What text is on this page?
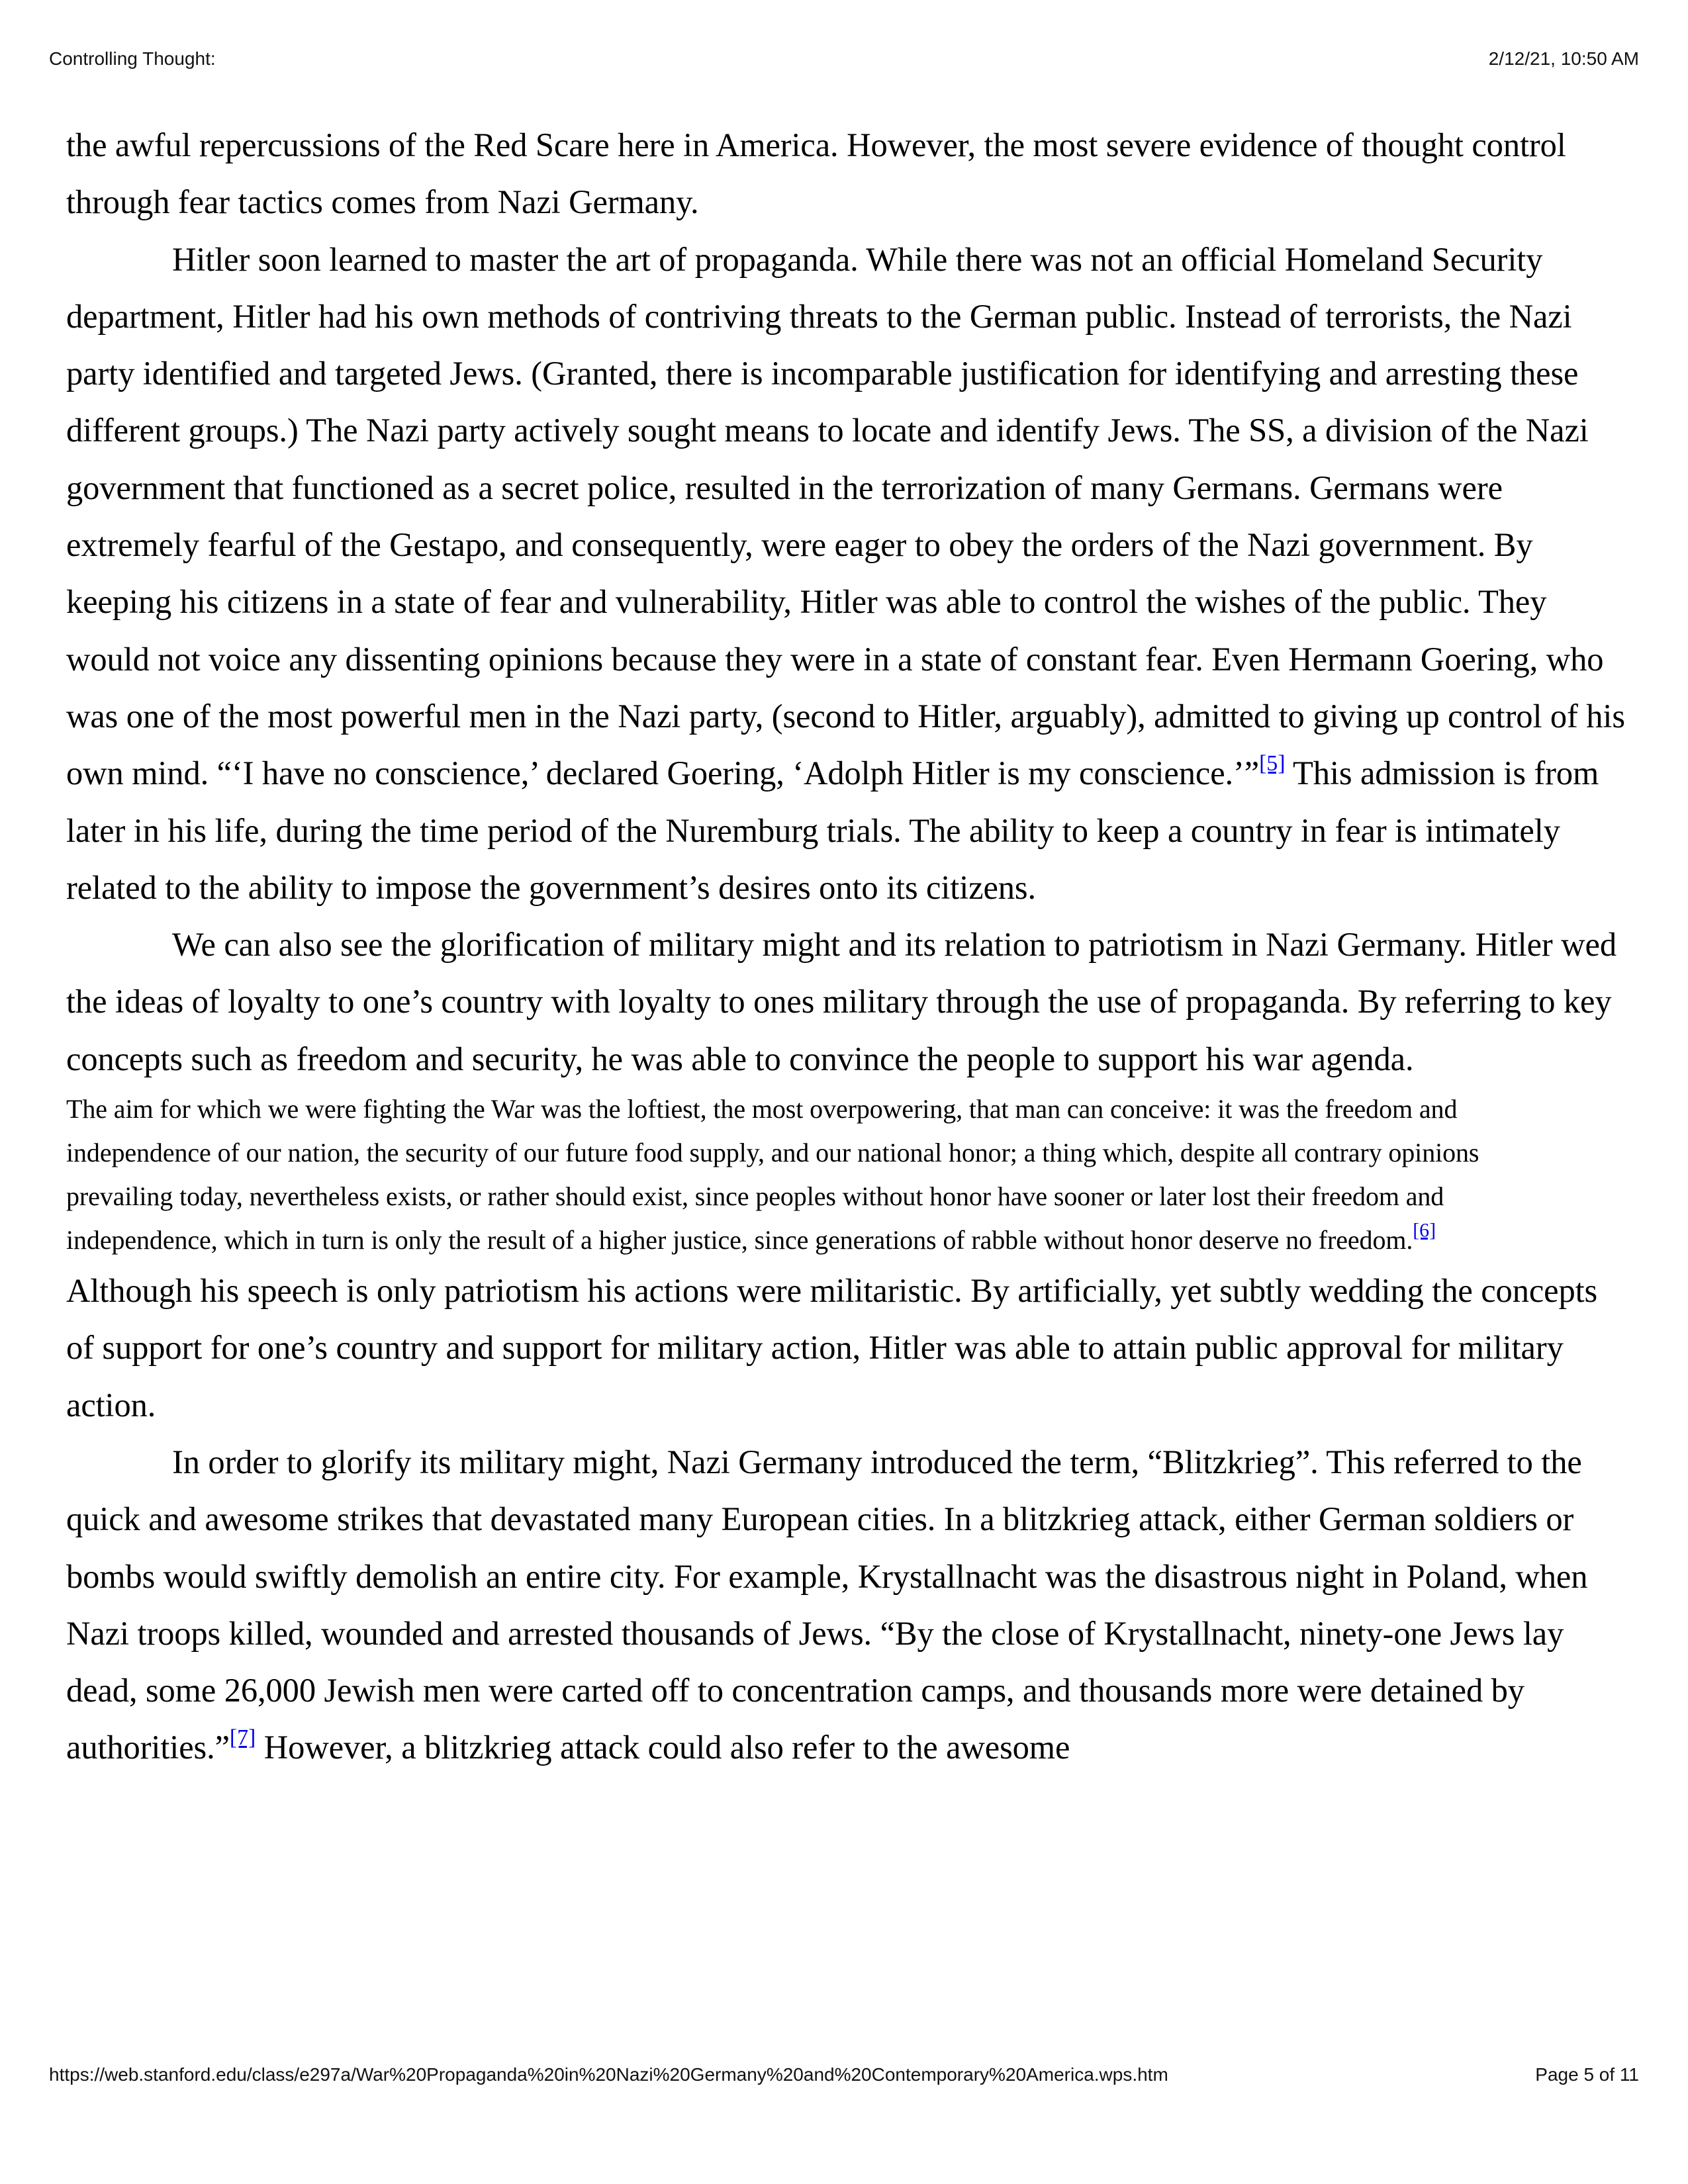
Controlling Thought:	2/12/21, 10:50 AM

the awful repercussions of the Red Scare here in America. However, the most severe evidence of thought control through fear tactics comes from Nazi Germany.

Hitler soon learned to master the art of propaganda. While there was not an official Homeland Security department, Hitler had his own methods of contriving threats to the German public. Instead of terrorists, the Nazi party identified and targeted Jews. (Granted, there is incomparable justification for identifying and arresting these different groups.) The Nazi party actively sought means to locate and identify Jews. The SS, a division of the Nazi government that functioned as a secret police, resulted in the terrorization of many Germans. Germans were extremely fearful of the Gestapo, and consequently, were eager to obey the orders of the Nazi government. By keeping his citizens in a state of fear and vulnerability, Hitler was able to control the wishes of the public. They would not voice any dissenting opinions because they were in a state of constant fear. Even Hermann Goering, who was one of the most powerful men in the Nazi party, (second to Hitler, arguably), admitted to giving up control of his own mind. “‘I have no conscience,’ declared Goering, ‘Adolph Hitler is my conscience.’”[5] This admission is from later in his life, during the time period of the Nuremburg trials. The ability to keep a country in fear is intimately related to the ability to impose the government’s desires onto its citizens.

We can also see the glorification of military might and its relation to patriotism in Nazi Germany. Hitler wed the ideas of loyalty to one’s country with loyalty to ones military through the use of propaganda. By referring to key concepts such as freedom and security, he was able to convince the people to support his war agenda.

The aim for which we were fighting the War was the loftiest, the most overpowering, that man can conceive: it was the freedom and independence of our nation, the security of our future food supply, and our national honor; a thing which, despite all contrary opinions prevailing today, nevertheless exists, or rather should exist, since peoples without honor have sooner or later lost their freedom and independence, which in turn is only the result of a higher justice, since generations of rabble without honor deserve no freedom.[6]

Although his speech is only patriotism his actions were militaristic. By artificially, yet subtly wedding the concepts of support for one’s country and support for military action, Hitler was able to attain public approval for military action.

In order to glorify its military might, Nazi Germany introduced the term, “Blitzkrieg”. This referred to the quick and awesome strikes that devastated many European cities. In a blitzkrieg attack, either German soldiers or bombs would swiftly demolish an entire city. For example, Krystallnacht was the disastrous night in Poland, when Nazi troops killed, wounded and arrested thousands of Jews. “By the close of Krystallnacht, ninety-one Jews lay dead, some 26,000 Jewish men were carted off to concentration camps, and thousands more were detained by authorities.”[7] However, a blitzkrieg attack could also refer to the awesome

https://web.stanford.edu/class/e297a/War%20Propaganda%20in%20Nazi%20Germany%20and%20Contemporary%20America.wps.htm	Page 5 of 11
